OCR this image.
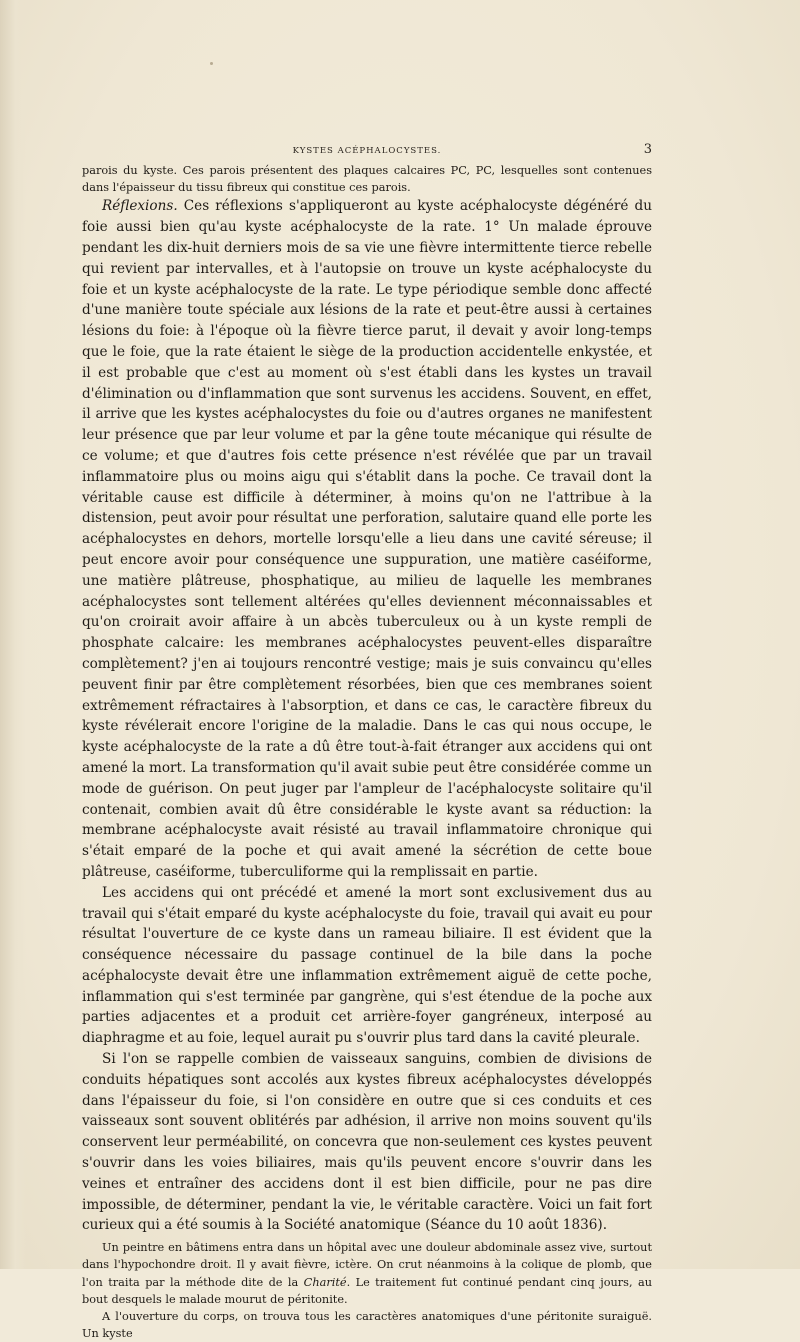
KYSTES ACÉPHALOCYSTES.	3

parois du kyste. Ces parois présentent des plaques calcaires PC, PC, lesquelles sont contenues dans l'épaisseur du tissu fibreux qui constitue ces parois.

Réflexions. Ces réflexions s'appliqueront au kyste acéphalocyste dégénéré du foie aussi bien qu'au kyste acéphalocyste de la rate. 1° Un malade éprouve pendant les dix-huit derniers mois de sa vie une fièvre intermittente tierce rebelle qui revient par intervalles, et à l'autopsie on trouve un kyste acéphalocyste du foie et un kyste acéphalocyste de la rate. Le type périodique semble donc affecté d'une manière toute spéciale aux lésions de la rate et peut-être aussi à certaines lésions du foie: à l'époque où la fièvre tierce parut, il devait y avoir long-temps que le foie, que la rate étaient le siège de la production accidentelle enkystée, et il est probable que c'est au moment où s'est établi dans les kystes un travail d'élimination ou d'inflammation que sont survenus les accidens. Souvent, en effet, il arrive que les kystes acéphalocystes du foie ou d'autres organes ne manifestent leur présence que par leur volume et par la gêne toute mécanique qui résulte de ce volume; et que d'autres fois cette présence n'est révélée que par un travail inflammatoire plus ou moins aigu qui s'établit dans la poche. Ce travail dont la véritable cause est difficile à déterminer, à moins qu'on ne l'attribue à la distension, peut avoir pour résultat une perforation, salutaire quand elle porte les acéphalocystes en dehors, mortelle lorsqu'elle a lieu dans une cavité séreuse; il peut encore avoir pour conséquence une suppuration, une matière caséiforme, une matière plâtreuse, phosphatique, au milieu de laquelle les membranes acéphalocystes sont tellement altérées qu'elles deviennent méconnaissables et qu'on croirait avoir affaire à un abcès tuberculeux ou à un kyste rempli de phosphate calcaire: les membranes acéphalocystes peuvent-elles disparaître complètement? j'en ai toujours rencontré vestige; mais je suis convaincu qu'elles peuvent finir par être complètement résorbées, bien que ces membranes soient extrêmement réfractaires à l'absorption, et dans ce cas, le caractère fibreux du kyste révélerait encore l'origine de la maladie. Dans le cas qui nous occupe, le kyste acéphalocyste de la rate a dû être tout-à-fait étranger aux accidens qui ont amené la mort. La transformation qu'il avait subie peut être considérée comme un mode de guérison. On peut juger par l'ampleur de l'acéphalocyste solitaire qu'il contenait, combien avait dû être considérable le kyste avant sa réduction: la membrane acéphalocyste avait résisté au travail inflammatoire chronique qui s'était emparé de la poche et qui avait amené la sécrétion de cette boue plâtreuse, caséiforme, tuberculiforme qui la remplissait en partie.

Les accidens qui ont précédé et amené la mort sont exclusivement dus au travail qui s'était emparé du kyste acéphalocyste du foie, travail qui avait eu pour résultat l'ouverture de ce kyste dans un rameau biliaire. Il est évident que la conséquence nécessaire du passage continuel de la bile dans la poche acéphalocyste devait être une inflammation extrêmement aiguë de cette poche, inflammation qui s'est terminée par gangrène, qui s'est étendue de la poche aux parties adjacentes et a produit cet arrière-foyer gangréneux, interposé au diaphragme et au foie, lequel aurait pu s'ouvrir plus tard dans la cavité pleurale.

Si l'on se rappelle combien de vaisseaux sanguins, combien de divisions de conduits hépatiques sont accolés aux kystes fibreux acéphalocystes développés dans l'épaisseur du foie, si l'on considère en outre que si ces conduits et ces vaisseaux sont souvent oblitérés par adhésion, il arrive non moins souvent qu'ils conservent leur perméabilité, on concevra que non-seulement ces kystes peuvent s'ouvrir dans les voies biliaires, mais qu'ils peuvent encore s'ouvrir dans les veines et entraîner des accidens dont il est bien difficile, pour ne pas dire impossible, de déterminer, pendant la vie, le véritable caractère. Voici un fait fort curieux qui a été soumis à la Société anatomique (Séance du 10 août 1836).

Un peintre en bâtimens entra dans un hôpital avec une douleur abdominale assez vive, surtout dans l'hypochondre droit. Il y avait fièvre, ictère. On crut néanmoins à la colique de plomb, que l'on traita par la méthode dite de la Charité. Le traitement fut continué pendant cinq jours, au bout desquels le malade mourut de péritonite.

A l'ouverture du corps, on trouva tous les caractères anatomiques d'une péritonite suraiguë. Un kyste
